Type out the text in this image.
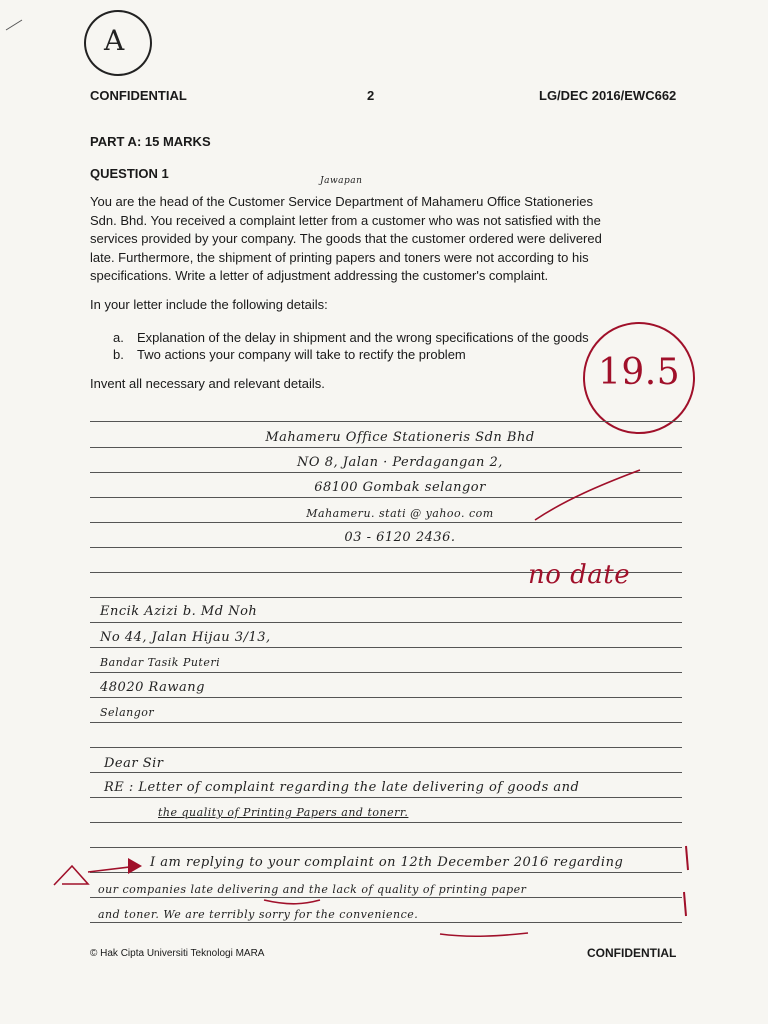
CONFIDENTIAL	2	LG/DEC 2016/EWC662
A
PART A: 15 MARKS
QUESTION 1	Jawapan
You are the head of the Customer Service Department of Mahameru Office Stationeries
Sdn. Bhd. You received a complaint letter from a customer who was not satisfied with the
services provided by your company. The goods that the customer ordered were delivered
late. Furthermore, the shipment of printing papers and toners were not according to his
specifications. Write a letter of adjustment addressing the customer's complaint.
In your letter include the following details:
a. Explanation of the delay in shipment and the wrong specifications of the goods
b. Two actions your company will take to rectify the problem
Invent all necessary and relevant details.	19.5
Mahameru Office Stationeris Sdn Bhd
NO 8, Jalan · Perdagangan 2,
68100 Gombak selangor
Mahameru. stati @ yahoo. com
03 - 6120 2436.
no date
Encik Azizi b. Md Noh
No 44, Jalan Hijau 3/13,
Bandar Tasik Puteri
48020 Rawang
Selangor
Dear Sir
RE : Letter of complaint regarding the late delivering of goods and
the quality of Printing Papers and tonerr.
I am replying to your complaint on 12th December 2016 regarding
our companies late delivering and the lack of quality of printing paper
and toner. We are terribly sorry for the convenience.
© Hak Cipta Universiti Teknologi MARA	CONFIDENTIAL
